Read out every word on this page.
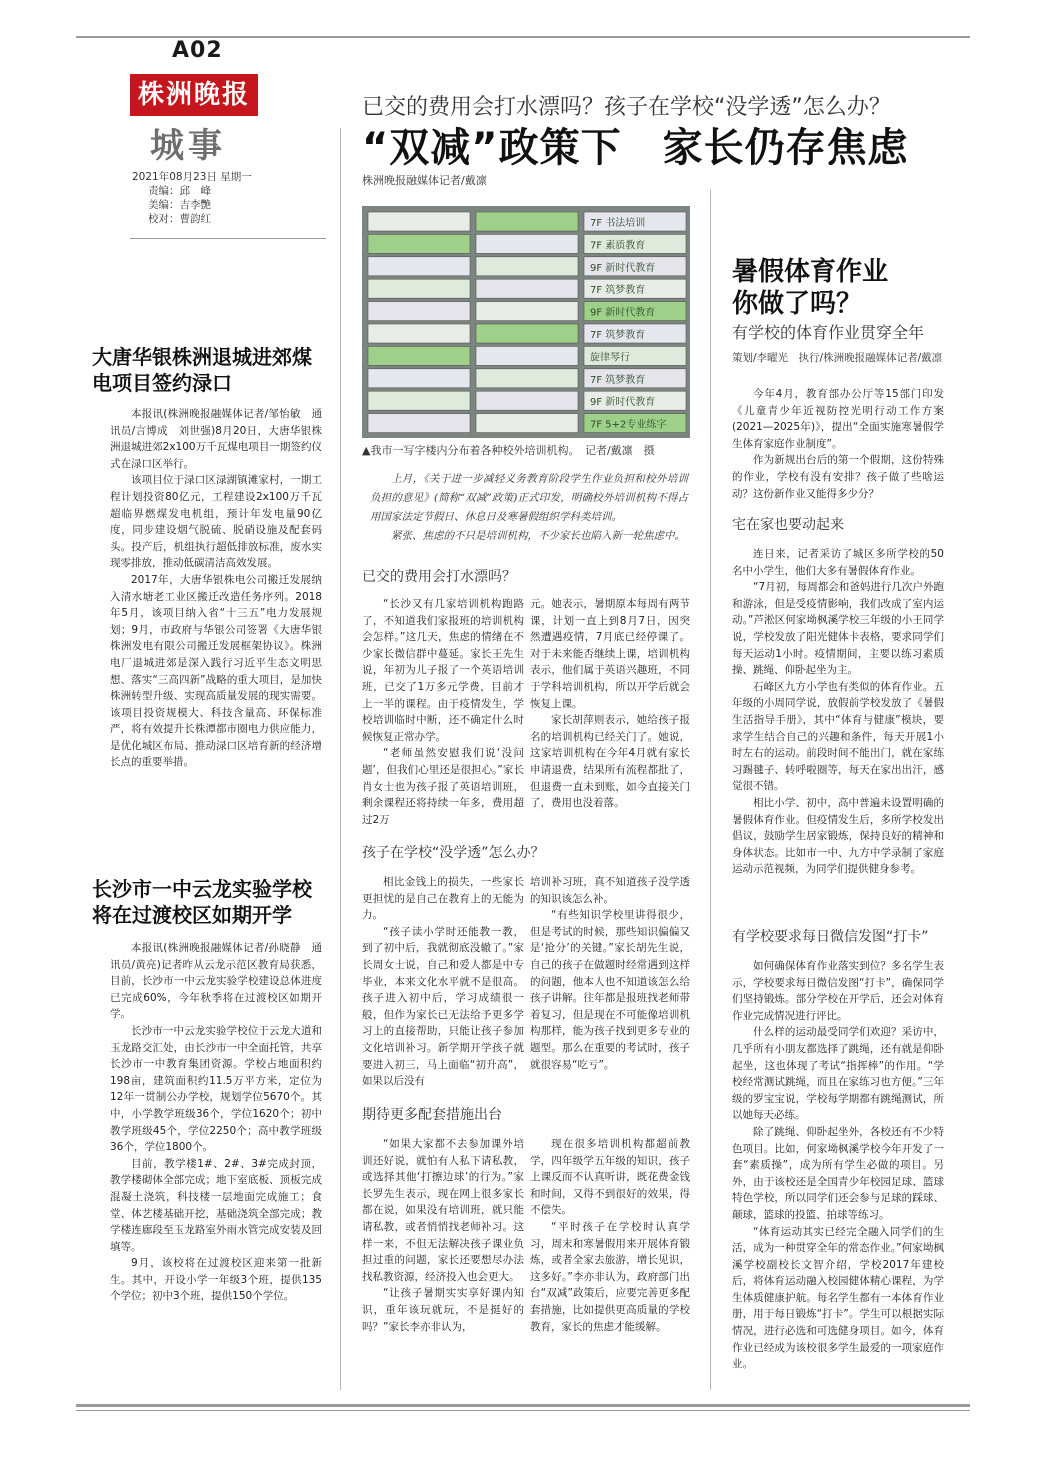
A02
株洲晚报
城事
2021年08月23日 星期一
责编：邱　峰
美编：吉李艷
校对：曹韵红
已交的费用会打水漂吗？孩子在学校“没学透”怎么办？
“双减”政策下　家长仍存焦虑
株洲晚报融媒体记者/戴凛
7F 书法培训
7F 素质教育
9F 新时代教育
7F 筑梦教育
9F 新时代教育
7F 筑梦教育
旋律琴行
7F 筑梦教育
9F 新时代教育
7F 5+2专业练字
▲我市一写字楼内分布着各种校外培训机构。　记者/戴凛　摄

上月，《关于进一步减轻义务教育阶段学生作业负担和校外培训负担的意见》(简称“双减”政策)正式印发，明确校外培训机构不得占用国家法定节假日、休息日及寒暑假组织学科类培训。

紧张、焦虑的不只是培训机构，不少家长也陷入新一轮焦虑中。

已交的费用会打水漂吗？

“长沙又有几家培训机构跑路了，不知道我们家报班的培训机构会怎样。”这几天，焦虑的情绪在不少家长微信群中蔓延。家长王先生说，年初为儿子报了一个英语培训班，已交了1万多元学费，目前才上一半的课程。由于疫情发生，学校培训临时中断，还不确定什么时候恢复正常办学。

“老师虽然安慰我们说‘没问题’，但我们心里还是很担心。”家长肖女士也为孩子报了英语培训班，剩余课程还将持续一年多，费用超过2万

元。她表示，暑期原本每周有两节课，计划一直上到8月7日，因突然遭遇疫情，7月底已经停课了。对于未来能否继续上课，培训机构表示，他们属于英语兴趣班，不同于学科培训机构，所以开学后就会恢复上课。

家长胡萍则表示，她给孩子报名的培训机构已经关门了。她说，这家培训机构在今年4月就有家长申请退费，结果所有流程都批了，但退费一直未到账，如今直接关门了，费用也没着落。

孩子在学校“没学透”怎么办？

相比金钱上的损失，一些家长更担忧的是自己在教育上的无能为力。

“孩子读小学时还能教一教，到了初中后，我就彻底没辙了。”家长周女士说，自己和爱人都是中专毕业，本来文化水平就不是很高。孩子进入初中后，学习成绩很一般，但作为家长已无法给予更多学习上的直接帮助，只能让孩子参加文化培训补习。新学期开学孩子就要进入初三，马上面临“初升高”，如果以后没有

培训补习班，真不知道孩子没学透的知识该怎么补。

“有些知识学校里讲得很少，但是考试的时候，那些知识偏偏又是‘抢分’的关键。”家长胡先生说，自己的孩子在做题时经常遇到这样的问题，他本人也不知道该怎么给孩子讲解。往年都是报班找老师带着复习，但是现在不可能像培训机构那样，能为孩子找到更多专业的题型。那么在重要的考试时，孩子就很容易“吃亏”。

期待更多配套措施出台

“如果大家都不去参加课外培训还好说，就怕有人私下请私教，或选择其他‘打擦边球’的行为。”家长罗先生表示，现在网上很多家长都在说，如果没有培训班，就只能请私教，或者悄悄找老师补习。这样一来，不但无法解决孩子课业负担过重的问题，家长还要想尽办法找私教资源，经济投入也会更大。

“让孩子暑期实实享好课内知识，重年该玩就玩，不是挺好的吗？”家长李亦非认为，

现在很多培训机构都超前教学，四年级学五年级的知识，孩子上课反而不认真听讲，既花费金钱和时间，又得不到很好的效果，得不偿失。

“平时孩子在学校时认真学习，周末和寒暑假用来开展体育锻炼，或者全家去旅游，增长见识，这多好。”李亦非认为，政府部门出台“双减”政策后，应要完善更多配套措施，比如提供更高质量的学校教育，家长的焦虑才能缓解。

大唐华银株洲退城进郊煤电项目签约渌口

本报讯(株洲晚报融媒体记者/邹怡敏　通讯员/言博成　刘世强)8月20日，大唐华银株洲退城进郊2x100万千瓦煤电项目一期签约仪式在渌口区举行。

该项目位于渌口区渌湖镇滩家村，一期工程计划投资80亿元，工程建设2x100万千瓦超临界燃煤发电机组，预计年发电量90亿度，同步建设烟气脱硫、脱硝设施及配套码头。投产后，机组执行超低排放标准，废水实现零排放，推动低碳清洁高效发展。

2017年，大唐华银株电公司搬迁发展纳入清水塘老工业区搬迁改造任务序列。2018年5月，该项目纳入省“十三五”电力发展规划；9月，市政府与华银公司签署《大唐华银株洲发电有限公司搬迁发展框架协议》。株洲电厂退城进郊是深入践行习近平生态文明思想、落实“三高四新”战略的重大项目，是加快株洲转型升级、实现高质量发展的现实需要。该项目投资规模大、科技含量高、环保标准严，将有效提升长株潭都市圈电力供应能力，是优化城区布局、推动渌口区培育新的经济增长点的重要举措。

长沙市一中云龙实验学校将在过渡校区如期开学

本报讯(株洲晚报融媒体记者/孙晓静　通讯员/黄亮)记者昨从云龙示范区教育局获悉，目前，长沙市一中云龙实验学校建设总体进度已完成60%，今年秋季将在过渡校区如期开学。

长沙市一中云龙实验学校位于云龙大道和玉龙路交汇处，由长沙市一中全面托管，共享长沙市一中教育集团资源。学校占地面积约198亩，建筑面积约11.5万平方米，定位为12年一贯制公办学校，规划学位5670个。其中，小学教学班级36个，学位1620个；初中教学班级45个，学位2250个；高中教学班级36个，学位1800个。

目前，教学楼1#、2#、3#完成封顶，教学楼砌体全部完成；地下室底板、顶板完成混凝土浇筑，科技楼一层地面完成施工；食堂、体艺楼基础开挖，基础浇筑全部完成；教学楼连廊段至玉龙路室外雨水管完成安装及回填等。

9月，该校将在过渡校区迎来第一批新生。其中，开设小学一年级3个班，提供135个学位；初中3个班，提供150个学位。

暑假体育作业
你做了吗？
有学校的体育作业贯穿全年
策划/李曜光　执行/株洲晚报融媒体记者/戴凛

今年4月，教育部办公厅等15部门印发《儿童青少年近视防控光明行动工作方案(2021—2025年)》，提出“全面实施寒暑假学生体育家庭作业制度”。

作为新规出台后的第一个假期，这份特殊的作业，学校有没有安排？孩子做了些啥运动？这份新作业又能得多少分？

宅在家也要动起来

连日来，记者采访了城区多所学校的50名中小学生，他们大多有暑假体育作业。

“7月初，每周都会和爸妈进行几次户外跑和游泳，但是受疫情影响，我们改成了室内运动。”芦淞区何家坳枫溪学校三年级的小王同学说，学校发放了阳光健体卡表格，要求同学们每天运动1小时。疫情期间，主要以练习素质操、跳绳、仰卧起坐为主。

石峰区九方小学也有类似的体育作业。五年级的小周同学说，放假前学校发放了《暑假生活指导手册》，其中“体育与健康”模块，要求学生结合自己的兴趣和条件，每天开展1小时左右的运动。前段时间不能出门，就在家练习踢毽子、转呼啦圈等，每天在家出出汗，感觉很不错。

相比小学、初中，高中普遍未设置明确的暑假体育作业。但疫情发生后，多所学校发出倡议，鼓励学生居家锻炼，保持良好的精神和身体状态。比如市一中、九方中学录制了家庭运动示范视频，为同学们提供健身参考。

有学校要求每日微信发图“打卡”

如何确保体育作业落实到位？多名学生表示，学校要求每日微信发图“打卡”，确保同学们坚持锻炼。部分学校在开学后，还会对体育作业完成情况进行评比。

什么样的运动最受同学们欢迎？采访中，几乎所有小朋友都选择了跳绳，还有就是仰卧起坐，这也体现了考试“指挥棒”的作用。“学校经常测试跳绳，而且在家练习也方便。”三年级的罗宝宝说，学校每学期都有跳绳测试，所以她每天必练。

除了跳绳、仰卧起坐外，各校还有不少特色项目。比如，何家坳枫溪学校今年开发了一套“素质操”，成为所有学生必做的项目。另外，由于该校还是全国青少年校园足球、篮球特色学校，所以同学们还会参与足球的踩球、颠球，篮球的投篮、拍球等练习。

“体育运动其实已经完全融入同学们的生活，成为一种贯穿全年的常态作业。”何家坳枫溪学校副校长文智介绍，学校2017年建校后，将体育运动融入校园健体精心课程，为学生体质健康护航。每名学生都有一本体育作业册，用于每日锻炼“打卡”。学生可以根据实际情况，进行必选和可选健身项目。如今，体育作业已经成为该校很多学生最爱的一项家庭作业。
